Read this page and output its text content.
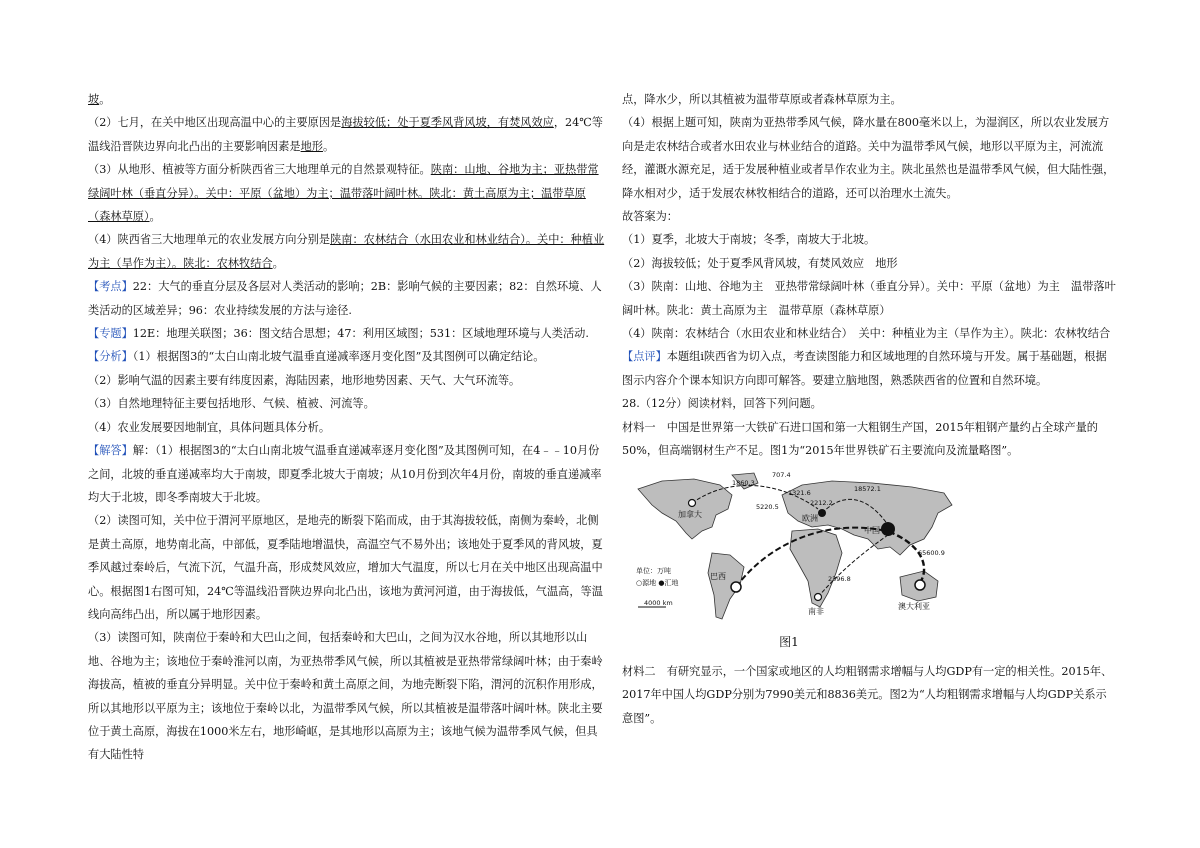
坡。

（2）七月，在关中地区出现高温中心的主要原因是海拔较低；处于夏季风背风坡，有焚风效应，24℃等温线沿晋陕边界向北凸出的主要影响因素是地形。

（3）从地形、植被等方面分析陕西省三大地理单元的自然景观特征。陕南：山地、谷地为主；亚热带常绿阔叶林（垂直分异）。关中：平原（盆地）为主；温带落叶阔叶林。陕北：黄土高原为主；温带草原（森林草原）。

（4）陕西省三大地理单元的农业发展方向分别是陕南：农林结合（水田农业和林业结合）。关中：种植业为主（旱作为主）。陕北：农林牧结合。

【考点】22：大气的垂直分层及各层对人类活动的影响；2B：影响气候的主要因素；82：自然环境、人类活动的区域差异；96：农业持续发展的方法与途径.

【专题】12E：地理关联图；36：图文结合思想；47：利用区域图；531：区域地理环境与人类活动.

【分析】（1）根据图3的“太白山南北坡气温垂直递减率逐月变化图”及其图例可以确定结论。

（2）影响气温的因素主要有纬度因素，海陆因素，地形地势因素、天气、大气环流等。

（3）自然地理特征主要包括地形、气候、植被、河流等。

（4）农业发展要因地制宜，具体问题具体分析。

【解答】解：（1）根据图3的“太白山南北坡气温垂直递减率逐月变化图”及其图例可知，在4﹣﹣10月份之间，北坡的垂直递减率均大于南坡，即夏季北坡大于南坡；从10月份到次年4月份，南坡的垂直递减率均大于北坡，即冬季南坡大于北坡。

（2）读图可知，关中位于渭河平原地区，是地壳的断裂下陷而成，由于其海拔较低，南侧为秦岭，北侧是黄土高原，地势南北高，中部低，夏季陆地增温快，高温空气不易外出；该地处于夏季风的背风坡，夏季风越过秦岭后，气流下沉，气温升高，形成焚风效应，增加大气温度，所以七月在关中地区出现高温中心。根据图1右图可知，24℃等温线沿晋陕边界向北凸出，该地为黄河河道，由于海拔低，气温高，等温线向高纬凸出，所以属于地形因素。

（3）读图可知，陕南位于秦岭和大巴山之间，包括秦岭和大巴山，之间为汉水谷地，所以其地形以山地、谷地为主；该地位于秦岭淮河以南，为亚热带季风气候，所以其植被是亚热带常绿阔叶林；由于秦岭海拔高，植被的垂直分异明显。关中位于秦岭和黄土高原之间，为地壳断裂下陷，渭河的沉积作用形成，所以其地形以平原为主；该地位于秦岭以北，为温带季风气候，所以其植被是温带落叶阔叶林。陕北主要位于黄土高原，海拔在1000米左右，地形崎岖，是其地形以高原为主；该地气候为温带季风气候，但具有大陆性特

点，降水少，所以其植被为温带草原或者森林草原为主。

（4）根据上题可知，陕南为亚热带季风气候，降水量在800毫米以上，为湿润区，所以农业发展方向是走农林结合或者水田农业与林业结合的道路。关中为温带季风气候，地形以平原为主，河流流经，灌溉水源充足，适于发展种植业或者旱作农业为主。陕北虽然也是温带季风气候，但大陆性强，降水相对少，适于发展农林牧相结合的道路，还可以治理水土流失。

故答案为：

（1）夏季，北坡大于南坡；冬季，南坡大于北坡。

（2）海拔较低；处于夏季风背风坡，有焚风效应　地形

（3）陕南：山地、谷地为主　亚热带常绿阔叶林（垂直分异）。关中：平原（盆地）为主　温带落叶阔叶林。陕北：黄土高原为主　温带草原（森林草原）

（4）陕南：农林结合（水田农业和林业结合）　关中：种植业为主（旱作为主）。陕北：农林牧结合

【点评】本题组ⅰ陕西省为切入点，考查读图能力和区域地理的自然环境与开发。属于基础题，根据图示内容介个课本知识方向即可解答。要建立脑地图，熟悉陕西省的位置和自然环境。

28.（12分）阅读材料，回答下列问题。

材料一　中国是世界第一大铁矿石进口国和第一大粗钢生产国，2015年粗钢产量约占全球产量的50%，但高端钢材生产不足。图1为“2015年世界铁矿石主要流向及流量略图”。

加拿大	欧洲
中国
巴西
南非
澳大利亚
1860.3
707.4
1321.6
5220.5	2212.2
18572.1
65600.9
2396.8
单位：万吨
○源地 ●汇地
4000 km
图1

材料二　有研究显示，一个国家或地区的人均粗钢需求增幅与人均GDP有一定的相关性。2015年、2017年中国人均GDP分别为7990美元和8836美元。图2为“人均粗钢需求增幅与人均GDP关系示意图”。
